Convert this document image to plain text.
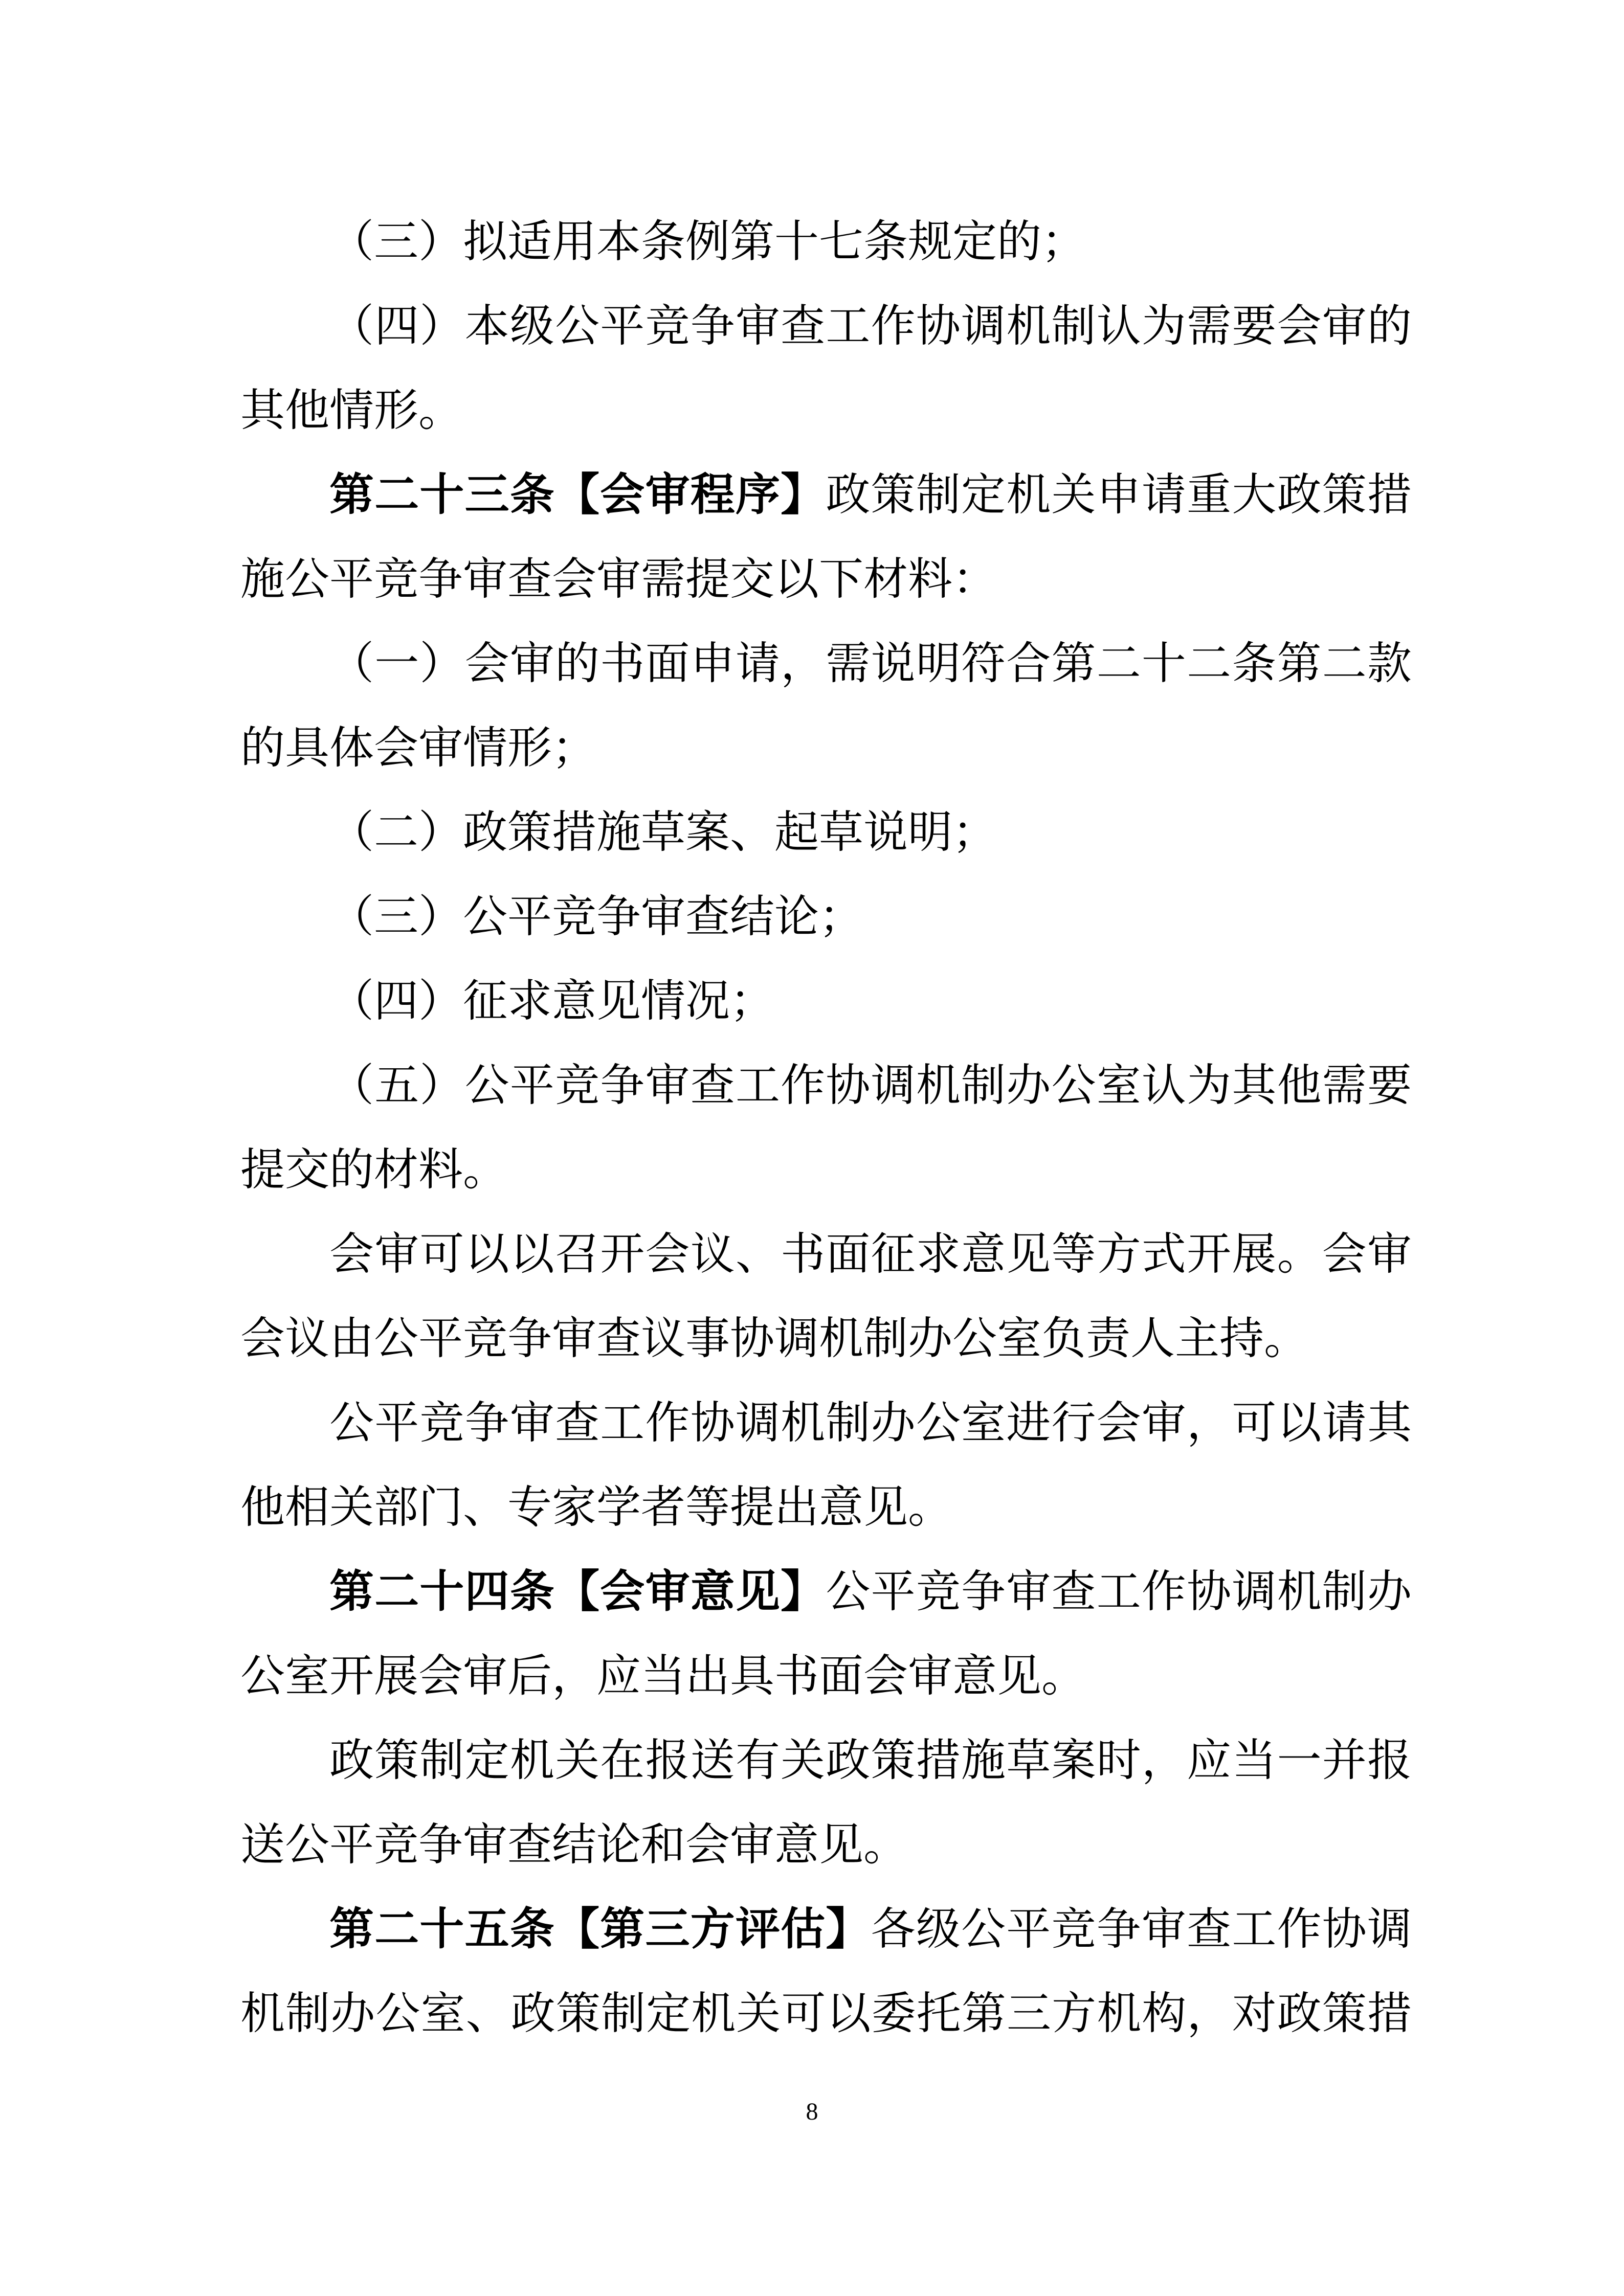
（三）拟适用本条例第十七条规定的；
（四）本级公平竞争审查工作协调机制认为需要会审的
其他情形。
第二十三条【会审程序】政策制定机关申请重大政策措
施公平竞争审查会审需提交以下材料：
（一）会审的书面申请，需说明符合第二十二条第二款
的具体会审情形；
（二）政策措施草案、起草说明；
（三）公平竞争审查结论；
（四）征求意见情况；
（五）公平竞争审查工作协调机制办公室认为其他需要
提交的材料。
会审可以以召开会议、书面征求意见等方式开展。会审
会议由公平竞争审查议事协调机制办公室负责人主持。
公平竞争审查工作协调机制办公室进行会审，可以请其
他相关部门、专家学者等提出意见。
第二十四条【会审意见】公平竞争审查工作协调机制办
公室开展会审后，应当出具书面会审意见。
政策制定机关在报送有关政策措施草案时，应当一并报
送公平竞争审查结论和会审意见。
第二十五条【第三方评估】各级公平竞争审查工作协调
机制办公室、政策制定机关可以委托第三方机构，对政策措
8
